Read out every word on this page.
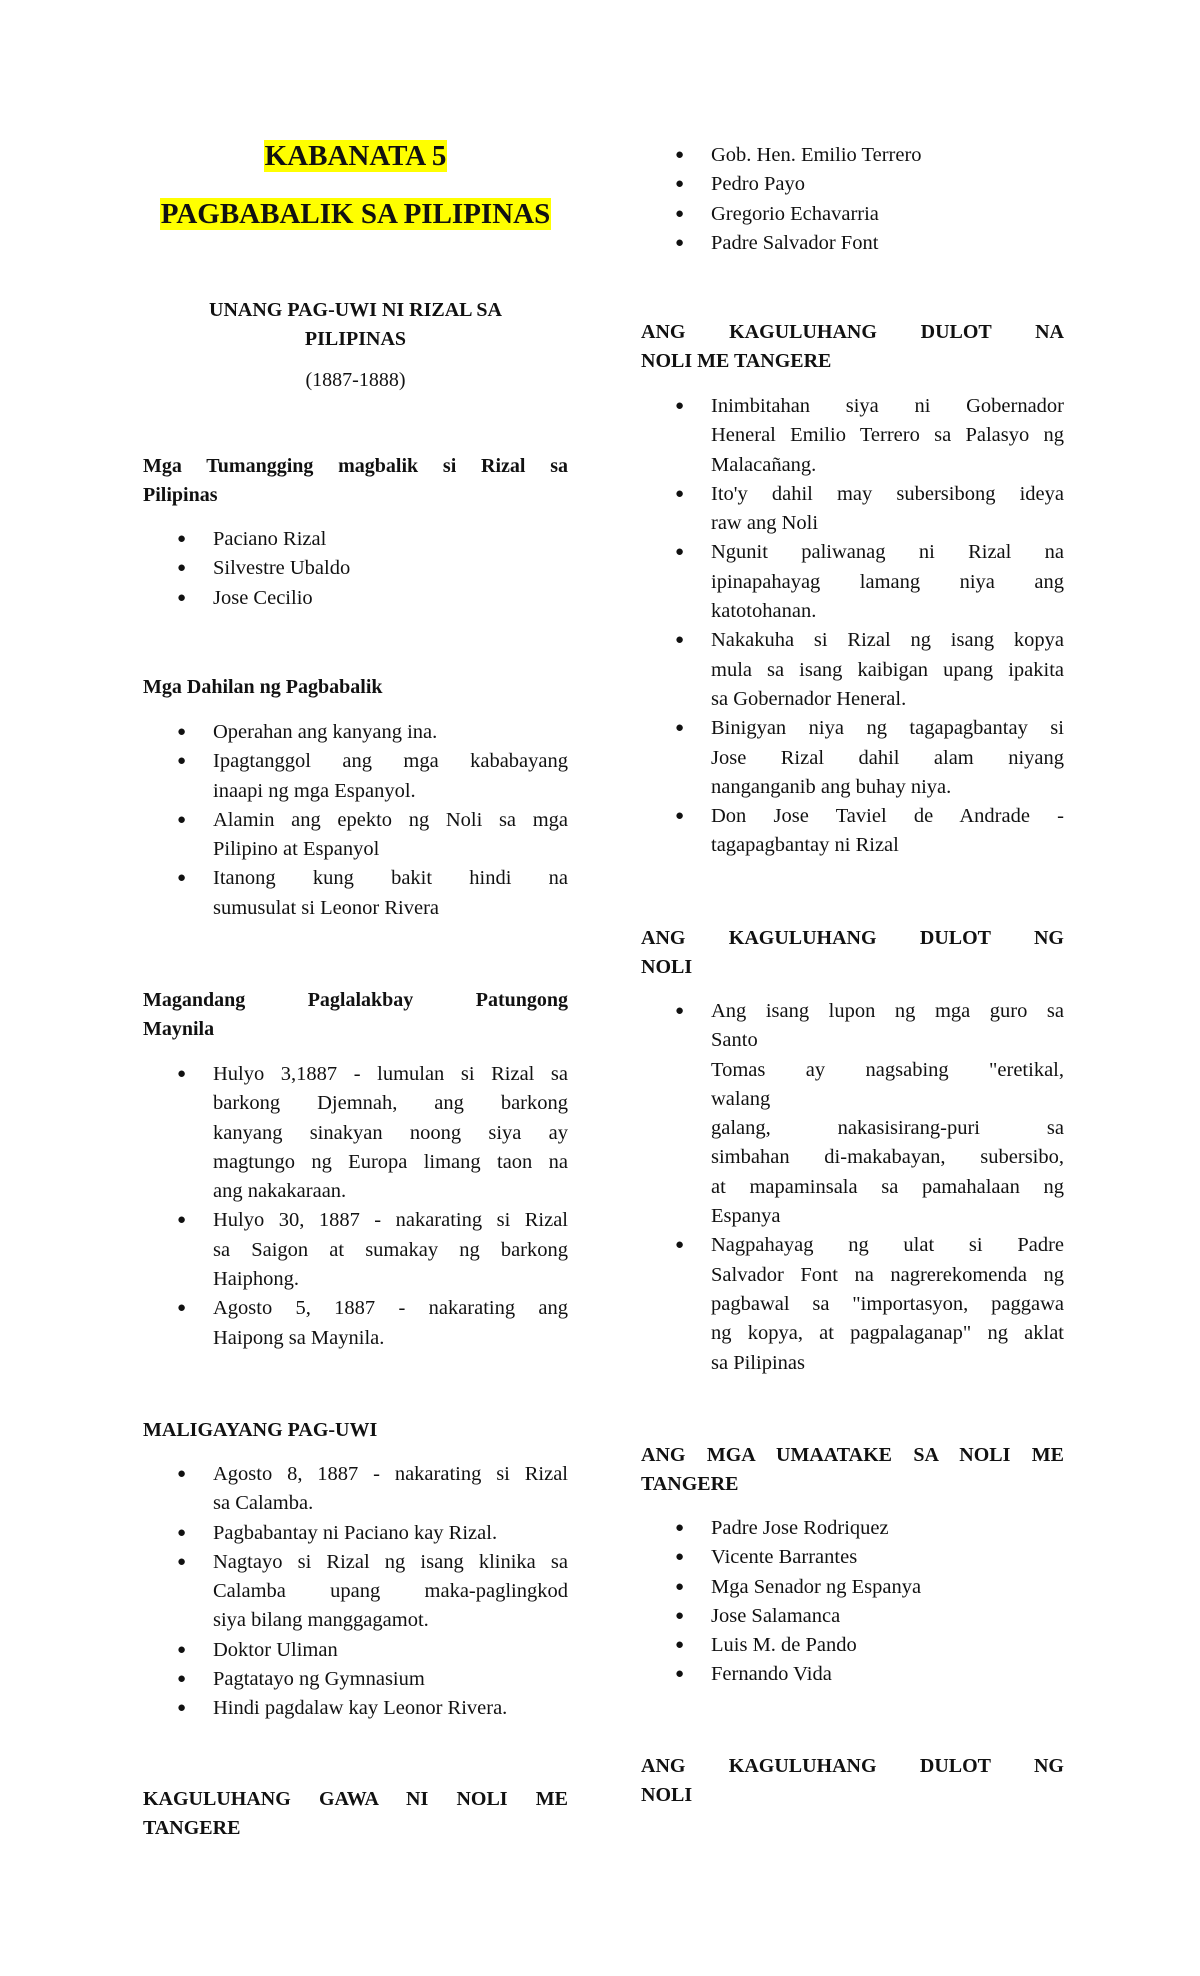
KABANATA 5
PAGBABALIK SA PILIPINAS
UNANG PAG-UWI NI RIZAL SA
PILIPINAS
(1887-1888)
Mga Tumangging magbalik si Rizal sa
Pilipinas
● Paciano Rizal
● Silvestre Ubaldo
● Jose Cecilio
Mga Dahilan ng Pagbabalik
● Operahan ang kanyang ina.
● Ipagtanggol ang mga kababayang
inaapi ng mga Espanyol.
● Alamin ang epekto ng Noli sa mga
Pilipino at Espanyol
● Itanong kung bakit hindi na
sumusulat si Leonor Rivera
Magandang Paglalakbay Patungong
Maynila
● Hulyo 3,1887 - lumulan si Rizal sa
barkong Djemnah, ang barkong
kanyang sinakyan noong siya ay
magtungo ng Europa limang taon na
ang nakakaraan.
● Hulyo 30, 1887 - nakarating si Rizal
sa Saigon at sumakay ng barkong
Haiphong.
● Agosto 5, 1887 - nakarating ang
Haipong sa Maynila.
MALIGAYANG PAG-UWI
● Agosto 8, 1887 - nakarating si Rizal
sa Calamba.
● Pagbabantay ni Paciano kay Rizal.
● Nagtayo si Rizal ng isang klinika sa
Calamba upang maka-paglingkod
siya bilang manggagamot.
● Doktor Uliman
● Pagtatayo ng Gymnasium
● Hindi pagdalaw kay Leonor Rivera.
KAGULUHANG GAWA NI NOLI ME
TANGERE
● Gob. Hen. Emilio Terrero
● Pedro Payo
● Gregorio Echavarria
● Padre Salvador Font
ANG KAGULUHANG DULOT NA
NOLI ME TANGERE
● Inimbitahan siya ni Gobernador
Heneral Emilio Terrero sa Palasyo ng
Malacañang.
● Ito'y dahil may subersibong ideya
raw ang Noli
● Ngunit paliwanag ni Rizal na
ipinapahayag lamang niya ang
katotohanan.
● Nakakuha si Rizal ng isang kopya
mula sa isang kaibigan upang ipakita
sa Gobernador Heneral.
● Binigyan niya ng tagapagbantay si
Jose Rizal dahil alam niyang
nanganganib ang buhay niya.
● Don Jose Taviel de Andrade -
tagapagbantay ni Rizal
ANG KAGULUHANG DULOT NG
NOLI
● Ang isang lupon ng mga guro sa
Santo
Tomas ay nagsabing "eretikal,
walang
galang, nakasisirang-puri sa
simbahan di-makabayan, subersibo,
at mapaminsala sa pamahalaan ng
Espanya
● Nagpahayag ng ulat si Padre
Salvador Font na nagrerekomenda ng
pagbawal sa "importasyon, paggawa
ng kopya, at pagpalaganap" ng aklat
sa Pilipinas
ANG MGA UMAATAKE SA NOLI ME
TANGERE
● Padre Jose Rodriquez
● Vicente Barrantes
● Mga Senador ng Espanya
● Jose Salamanca
● Luis M. de Pando
● Fernando Vida
ANG KAGULUHANG DULOT NG
NOLI
